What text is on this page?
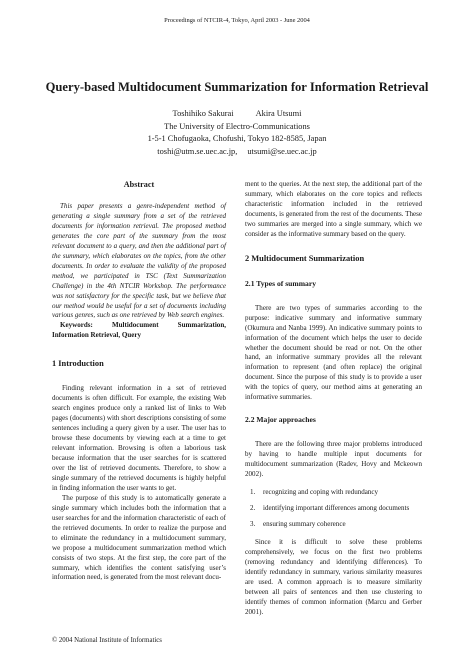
Proceedings of NTCIR-4, Tokyo, April 2003 - June 2004
Query-based Multidocument Summarization for Information Retrieval
Toshihiko Sakurai	Akira Utsumi
The University of Electro-Communications
1-5-1 Chofugaoka, Chofushi, Tokyo 182-8585, Japan
toshi@utm.se.uec.ac.jp, utsumi@se.uec.ac.jp

Abstract

This paper presents a genre-independent method of generating a single summary from a set of the retrieved documents for information retrieval. The proposed method generates the core part of the summary from the most relevant document to a query, and then the additional part of the summary, which elaborates on the topics, from the other documents. In order to evaluate the validity of the proposed method, we participated in TSC (Text Summarization Challenge) in the 4th NTCIR Workshop. The performance was not satisfactory for the specific task, but we believe that our method would be useful for a set of documents including various genres, such as one retrieved by Web search engines.

Keywords: Multidocument Summarization, Information Retrieval, Query

1 Introduction

Finding relevant information in a set of retrieved documents is often difficult. For example, the existing Web search engines produce only a ranked list of links to Web pages (documents) with short descriptions consisting of some sentences including a query given by a user. The user has to browse these documents by viewing each at a time to get relevant information. Browsing is often a laborious task because information that the user searches for is scattered over the list of retrieved documents. Therefore, to show a single summary of the retrieved documents is highly helpful in finding information the user wants to get.

The purpose of this study is to automatically generate a single summary which includes both the information that a user searches for and the information characteristic of each of the retrieved documents. In order to realize the purpose and to eliminate the redundancy in a multidocument summary, we propose a multidocument summarization method which consists of two steps. At the first step, the core part of the summary, which identifies the content satisfying user’s information need, is generated from the most relevant docu-

ment to the queries. At the next step, the additional part of the summary, which elaborates on the core topics and reflects characteristic information included in the retrieved documents, is generated from the rest of the documents. These two summaries are merged into a single summary, which we consider as the informative summary based on the query.

2 Multidocument Summarization

2.1 Types of summary

There are two types of summaries according to the purpose: indicative summary and informative summary (Okumura and Nanba 1999). An indicative summary points to information of the document which helps the user to decide whether the document should be read or not. On the other hand, an informative summary provides all the relevant information to represent (and often replace) the original document. Since the purpose of this study is to provide a user with the topics of query, our method aims at generating an informative summaries.

2.2 Major approaches

There are the following three major problems introduced by having to handle multiple input documents for multidocument summarization (Radev, Hovy and Mckeown 2002).

1.	recognizing and coping with redundancy
2.	identifying important differences among documents
3.	ensuring summary coherence

Since it is difficult to solve these problems comprehensively, we focus on the first two problems (removing redundancy and identifying differences). To identify redundancy in summary, various similarity measures are used. A common approach is to measure similarity between all pairs of sentences and then use clustering to identify themes of common information (Marcu and Gerber 2001).

© 2004 National Institute of Informatics
